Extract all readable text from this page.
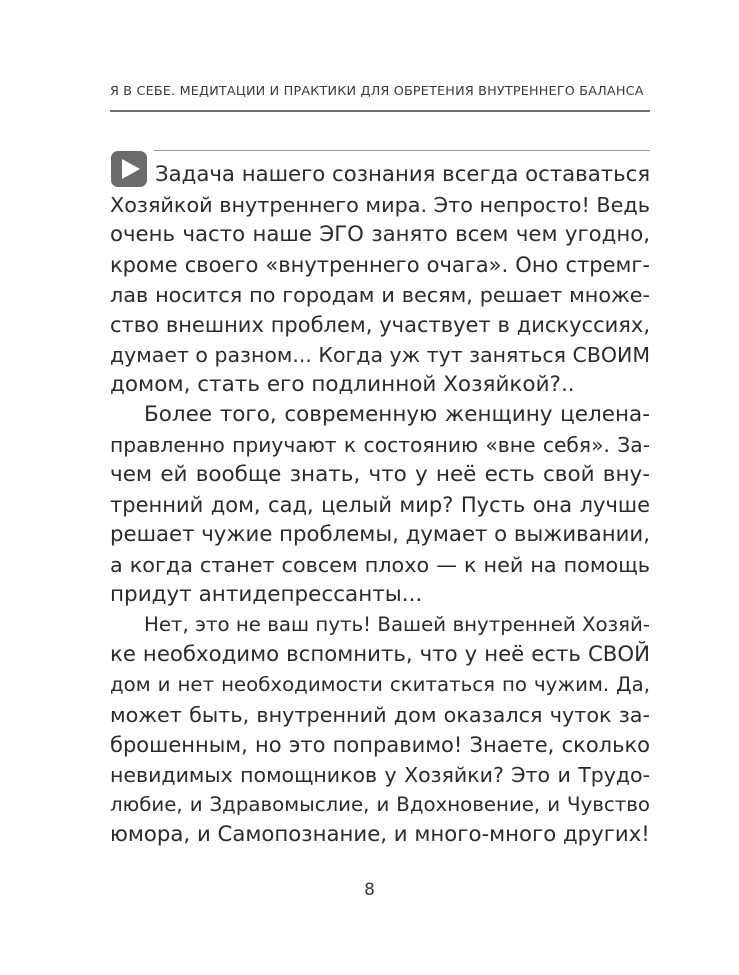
Я В СЕБЕ. МЕДИТАЦИИ И ПРАКТИКИ ДЛЯ ОБРЕТЕНИЯ ВНУТРЕННЕГО БАЛАНСА
Задача нашего сознания всегда оставаться
Хозяйкой внутреннего мира. Это непросто! Ведь
очень часто наше ЭГО занято всем чем угодно,
кроме своего «внутреннего очага». Оно стремг-
лав носится по городам и весям, решает множе-
ство внешних проблем, участвует в дискуссиях,
думает о разном... Когда уж тут заняться СВОИМ
домом, стать его подлинной Хозяйкой?..
Более того, современную женщину целена-
правленно приучают к состоянию «вне себя». За-
чем ей вообще знать, что у неё есть свой вну-
тренний дом, сад, целый мир? Пусть она лучше
решает чужие проблемы, думает о выживании,
а когда станет совсем плохо — к ней на помощь
придут антидепрессанты...
Нет, это не ваш путь! Вашей внутренней Хозяй-
ке необходимо вспомнить, что у неё есть СВОЙ
дом и нет необходимости скитаться по чужим. Да,
может быть, внутренний дом оказался чуток за-
брошенным, но это поправимо! Знаете, сколько
невидимых помощников у Хозяйки? Это и Трудо-
любие, и Здравомыслие, и Вдохновение, и Чувство
юмора, и Самопознание, и много-много других!
8
